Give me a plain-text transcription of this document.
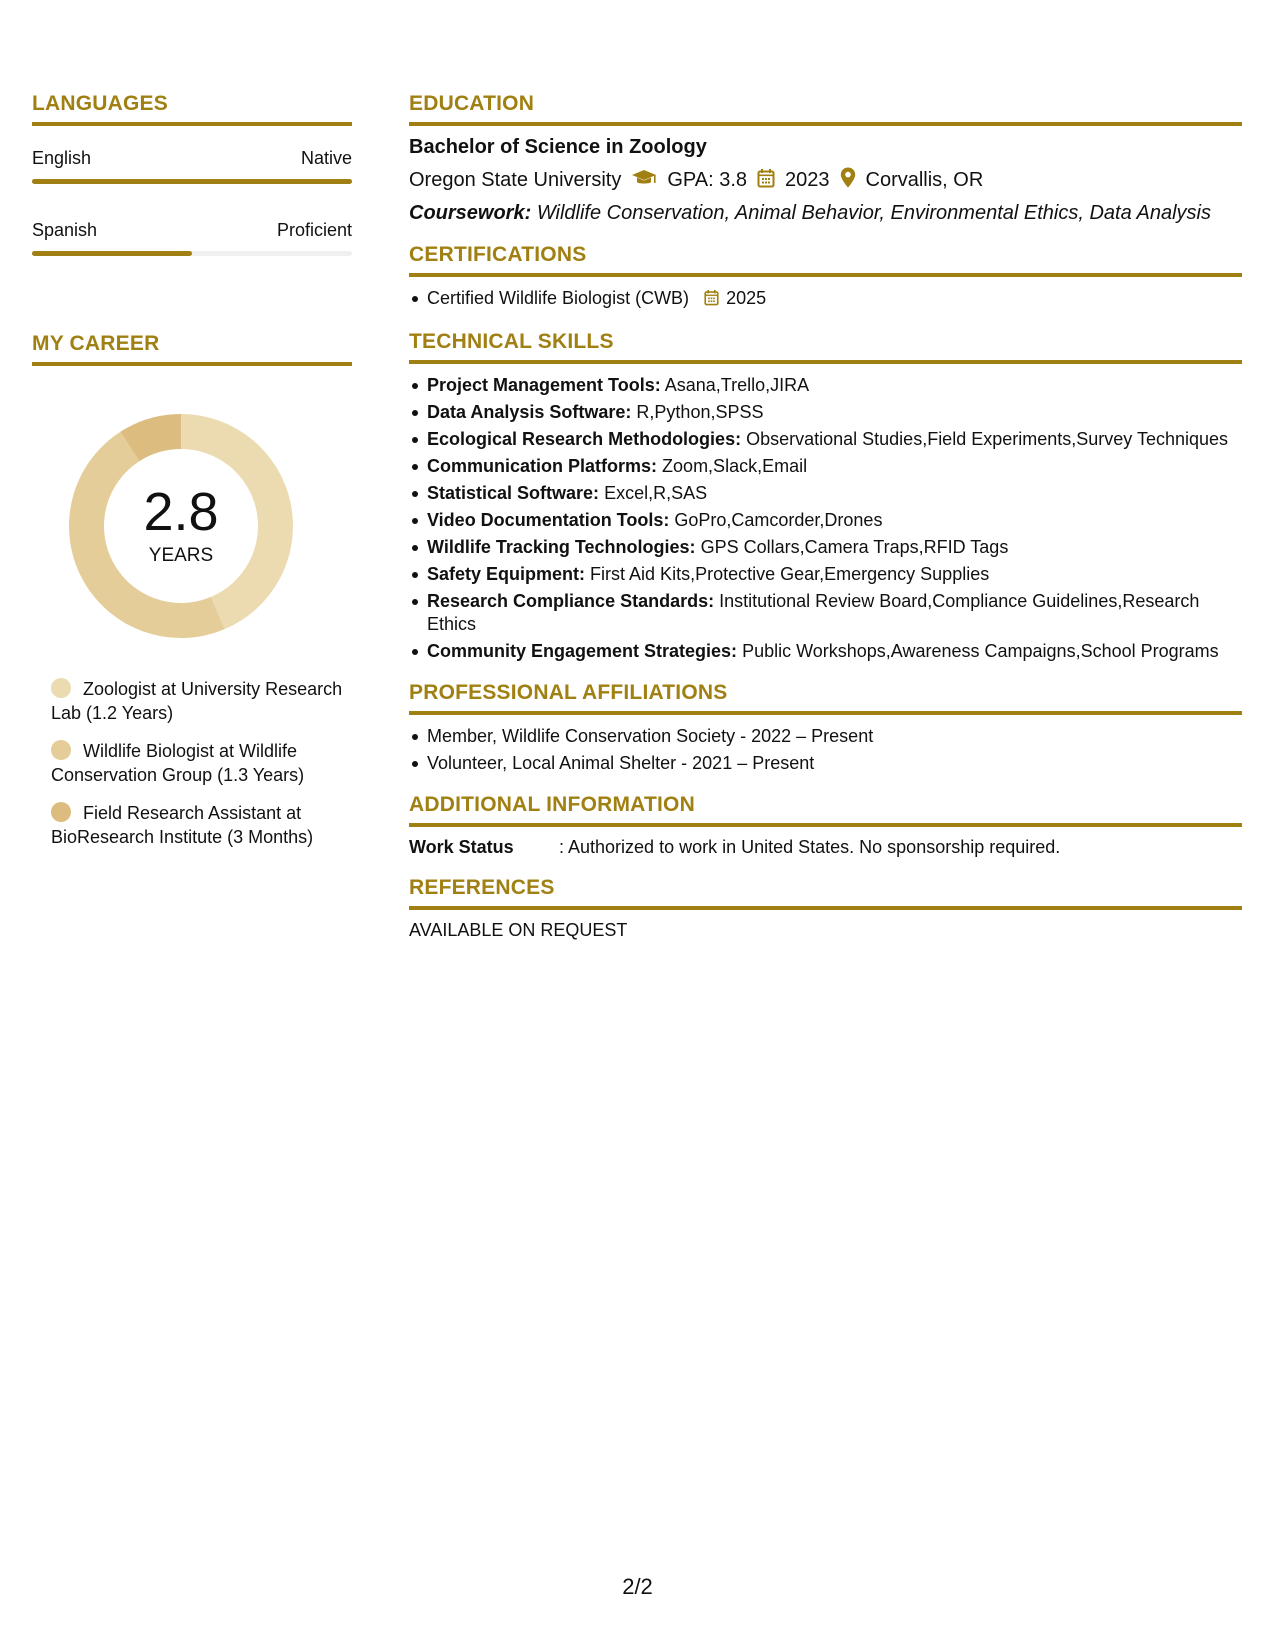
LANGUAGES
English	Native
Spanish	Proficient
MY CAREER
2.8
YEARS
Zoologist at University Research Lab (1.2 Years)
Wildlife Biologist at Wildlife Conservation Group (1.3 Years)
Field Research Assistant at BioResearch Institute (3 Months)
EDUCATION
Bachelor of Science in Zoology
Oregon State University GPA: 3.8 2023 Corvallis, OR
Coursework: Wildlife Conservation, Animal Behavior, Environmental Ethics, Data Analysis
CERTIFICATIONS
Certified Wildlife Biologist (CWB) 2025
TECHNICAL SKILLS
Project Management Tools: Asana,Trello,JIRA
Data Analysis Software: R,Python,SPSS
Ecological Research Methodologies: Observational Studies,Field Experiments,Survey Techniques
Communication Platforms: Zoom,Slack,Email
Statistical Software: Excel,R,SAS
Video Documentation Tools: GoPro,Camcorder,Drones
Wildlife Tracking Technologies: GPS Collars,Camera Traps,RFID Tags
Safety Equipment: First Aid Kits,Protective Gear,Emergency Supplies
Research Compliance Standards: Institutional Review Board,Compliance Guidelines,Research Ethics
Community Engagement Strategies: Public Workshops,Awareness Campaigns,School Programs
PROFESSIONAL AFFILIATIONS
Member, Wildlife Conservation Society - 2022 – Present
Volunteer, Local Animal Shelter - 2021 – Present
ADDITIONAL INFORMATION
Work Status	: Authorized to work in United States. No sponsorship required.
REFERENCES
AVAILABLE ON REQUEST
2/2
